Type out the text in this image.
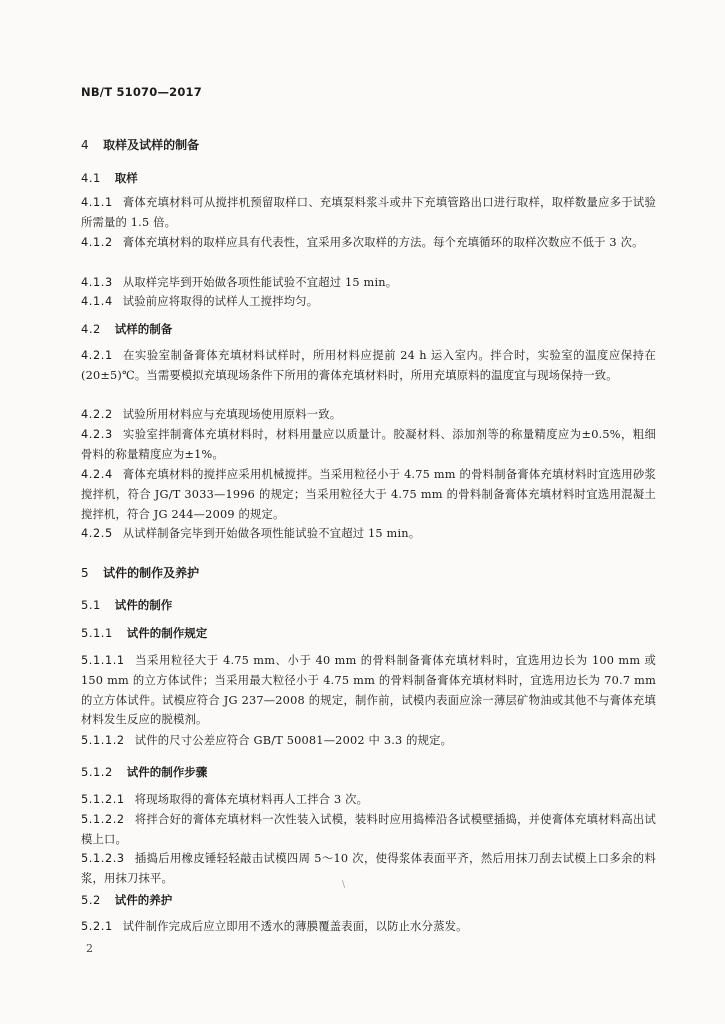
NB/T 51070—2017
4 取样及试样的制备
4.1 取样
4.1.1 膏体充填材料可从搅拌机预留取样口、充填泵料浆斗或井下充填管路出口进行取样，取样数量应多于试验所需量的 1.5 倍。
4.1.2 膏体充填材料的取样应具有代表性，宜采用多次取样的方法。每个充填循环的取样次数应不低于 3 次。
4.1.3 从取样完毕到开始做各项性能试验不宜超过 15 min。
4.1.4 试验前应将取得的试样人工搅拌均匀。
4.2 试样的制备
4.2.1 在实验室制备膏体充填材料试样时，所用材料应提前 24 h 运入室内。拌合时，实验室的温度应保持在(20±5)℃。当需要模拟充填现场条件下所用的膏体充填材料时，所用充填原料的温度宜与现场保持一致。
4.2.2 试验所用材料应与充填现场使用原料一致。
4.2.3 实验室拌制膏体充填材料时，材料用量应以质量计。胶凝材料、添加剂等的称量精度应为±0.5%，粗细骨料的称量精度应为±1%。
4.2.4 膏体充填材料的搅拌应采用机械搅拌。当采用粒径小于 4.75 mm 的骨料制备膏体充填材料时宜选用砂浆搅拌机，符合 JG/T 3033—1996 的规定；当采用粒径大于 4.75 mm 的骨料制备膏体充填材料时宜选用混凝土搅拌机，符合 JG 244—2009 的规定。
4.2.5 从试样制备完毕到开始做各项性能试验不宜超过 15 min。
5 试件的制作及养护
5.1 试件的制作
5.1.1 试件的制作规定
5.1.1.1 当采用粒径大于 4.75 mm、小于 40 mm 的骨料制备膏体充填材料时，宜选用边长为 100 mm 或 150 mm 的立方体试件；当采用最大粒径小于 4.75 mm 的骨料制备膏体充填材料时，宜选用边长为 70.7 mm 的立方体试件。试模应符合 JG 237—2008 的规定，制作前，试模内表面应涂一薄层矿物油或其他不与膏体充填材料发生反应的脱模剂。
5.1.1.2 试件的尺寸公差应符合 GB/T 50081—2002 中 3.3 的规定。
5.1.2 试件的制作步骤
5.1.2.1 将现场取得的膏体充填材料再人工拌合 3 次。
5.1.2.2 将拌合好的膏体充填材料一次性装入试模，装料时应用捣棒沿各试模壁插捣，并使膏体充填材料高出试模上口。
5.1.2.3 插捣后用橡皮锤轻轻敲击试模四周 5～10 次，使得浆体表面平齐，然后用抹刀刮去试模上口多余的料浆，用抹刀抹平。
\
5.2 试件的养护
5.2.1 试件制作完成后应立即用不透水的薄膜覆盖表面，以防止水分蒸发。
2
